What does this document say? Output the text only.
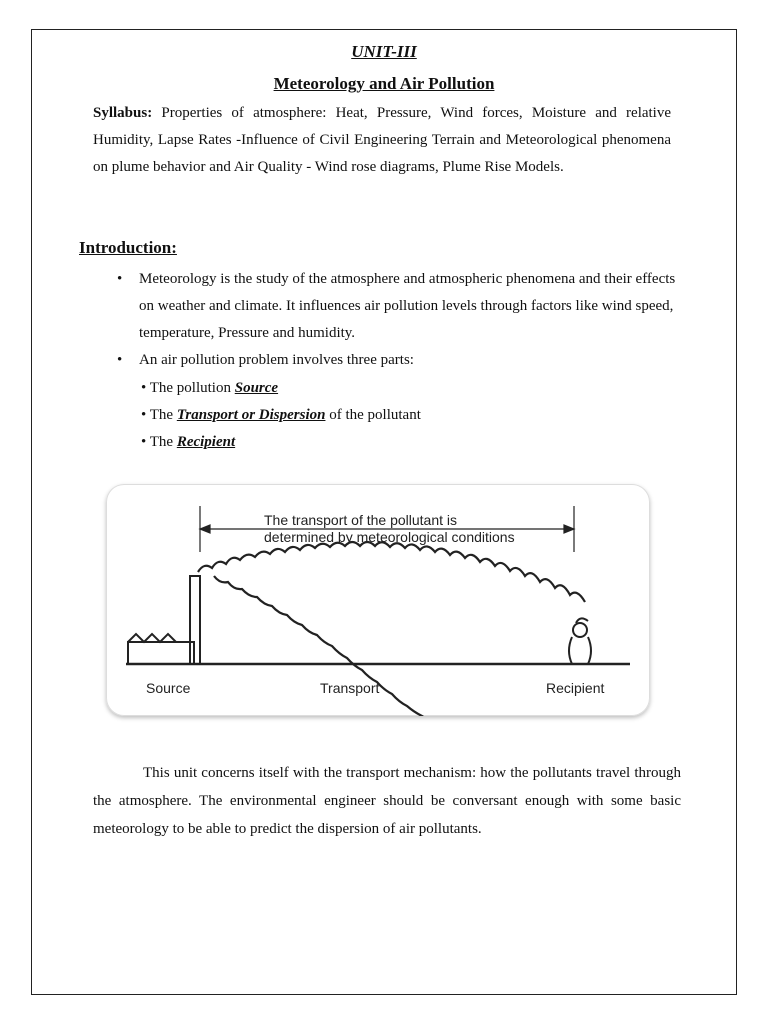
UNIT-III
Meteorology and Air Pollution
Syllabus: Properties of atmosphere: Heat, Pressure, Wind forces, Moisture and relative Humidity, Lapse Rates -Influence of Civil Engineering Terrain and Meteorological phenomena on plume behavior and Air Quality - Wind rose diagrams, Plume Rise Models.
Introduction:
• Meteorology is the study of the atmosphere and atmospheric phenomena and their effects on weather and climate. It influences air pollution levels through factors like wind speed, temperature, Pressure and humidity.
• An air pollution problem involves three parts:
• The pollution Source
• The Transport or Dispersion of the pollutant
• The Recipient
The transport of the pollutant is
determined by meteorological conditions
Source	Transport	Recipient
This unit concerns itself with the transport mechanism: how the pollutants travel through the atmosphere. The environmental engineer should be conversant enough with some basic meteorology to be able to predict the dispersion of air pollutants.
